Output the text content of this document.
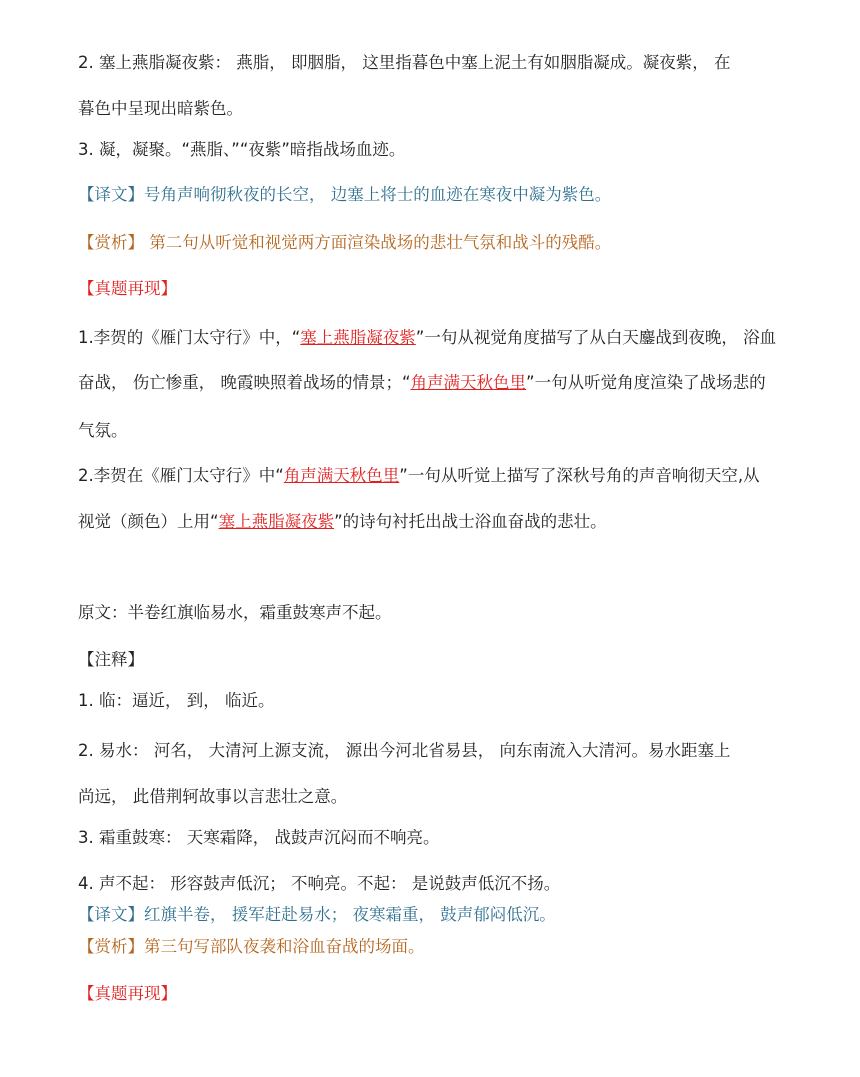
2. 塞上燕脂凝夜紫： 燕脂， 即胭脂， 这里指暮色中塞上泥土有如胭脂凝成。凝夜紫， 在
暮色中呈现出暗紫色。
3. 凝，凝聚。“燕脂、”“夜紫”暗指战场血迹。
【译文】号角声响彻秋夜的长空， 边塞上将士的血迹在寒夜中凝为紫色。
【赏析】 第二句从听觉和视觉两方面渲染战场的悲壮气氛和战斗的残酷。
【真题再现】
1.李贺的《雁门太守行》中，“塞上燕脂凝夜紫”一句从视觉角度描写了从白天鏖战到夜晚， 浴血
奋战， 伤亡惨重， 晚霞映照着战场的情景；“角声满天秋色里”一句从听觉角度渲染了战场悲的
气氛。
2.李贺在《雁门太守行》中“角声满天秋色里”一句从听觉上描写了深秋号角的声音响彻天空,从
视觉（颜色）上用“塞上燕脂凝夜紫”的诗句衬托出战士浴血奋战的悲壮。
原文：半卷红旗临易水，霜重鼓寒声不起。
【注释】
1. 临：逼近， 到， 临近。
2. 易水： 河名， 大清河上源支流， 源出今河北省易县， 向东南流入大清河。易水距塞上
尚远， 此借荆轲故事以言悲壮之意。
3. 霜重鼓寒： 天寒霜降， 战鼓声沉闷而不响亮。
4. 声不起： 形容鼓声低沉； 不响亮。不起： 是说鼓声低沉不扬。
【译文】红旗半卷， 援军赶赴易水； 夜寒霜重， 鼓声郁闷低沉。
【赏析】第三句写部队夜袭和浴血奋战的场面。
【真题再现】
